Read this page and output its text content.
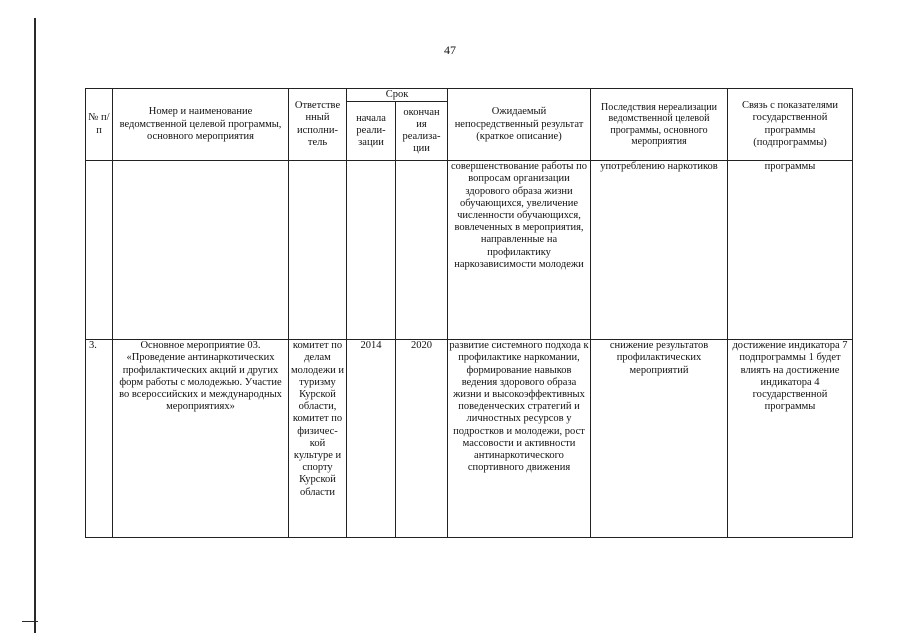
47
№ п/п	Номер и наименование ведомственной целевой программы, основного мероприятия	Ответстве нный исполни- тель	Срок		Ожидаемый непосредственный результат (краткое описание)	Последствия нереализации ведомственной целевой программы, основного мероприятия	Связь с показателями государственной программы (подпрограммы)
			начала реали- зации	окончан ия реализа- ции			
					совершенствование работы по вопросам организации здорового образа жизни обучающихся, увеличение численности обучающихся, вовлеченных в мероприятия, направленные на профилактику наркозависимости молодежи	употреблению наркотиков	программы
3.	Основное мероприятие 03. «Проведение антинаркотических профилактических акций и других форм работы с молодежью. Участие во всероссийских и международных мероприятиях»	комитет по делам молодежи и туризму Курской области, комитет по физичес- кой культуре и спорту Курской области	2014	2020	развитие системного подхода к профилактике наркомании, формирование навыков ведения здорового образа жизни и высокоэффективных поведенческих стратегий и личностных ресурсов у подростков и молодежи, рост массовости и активности антинаркотического спортивного движения	снижение результатов профилактических мероприятий	достижение индикатора 7 подпрограммы 1 будет влиять на достижение индикатора 4 государственной программы
